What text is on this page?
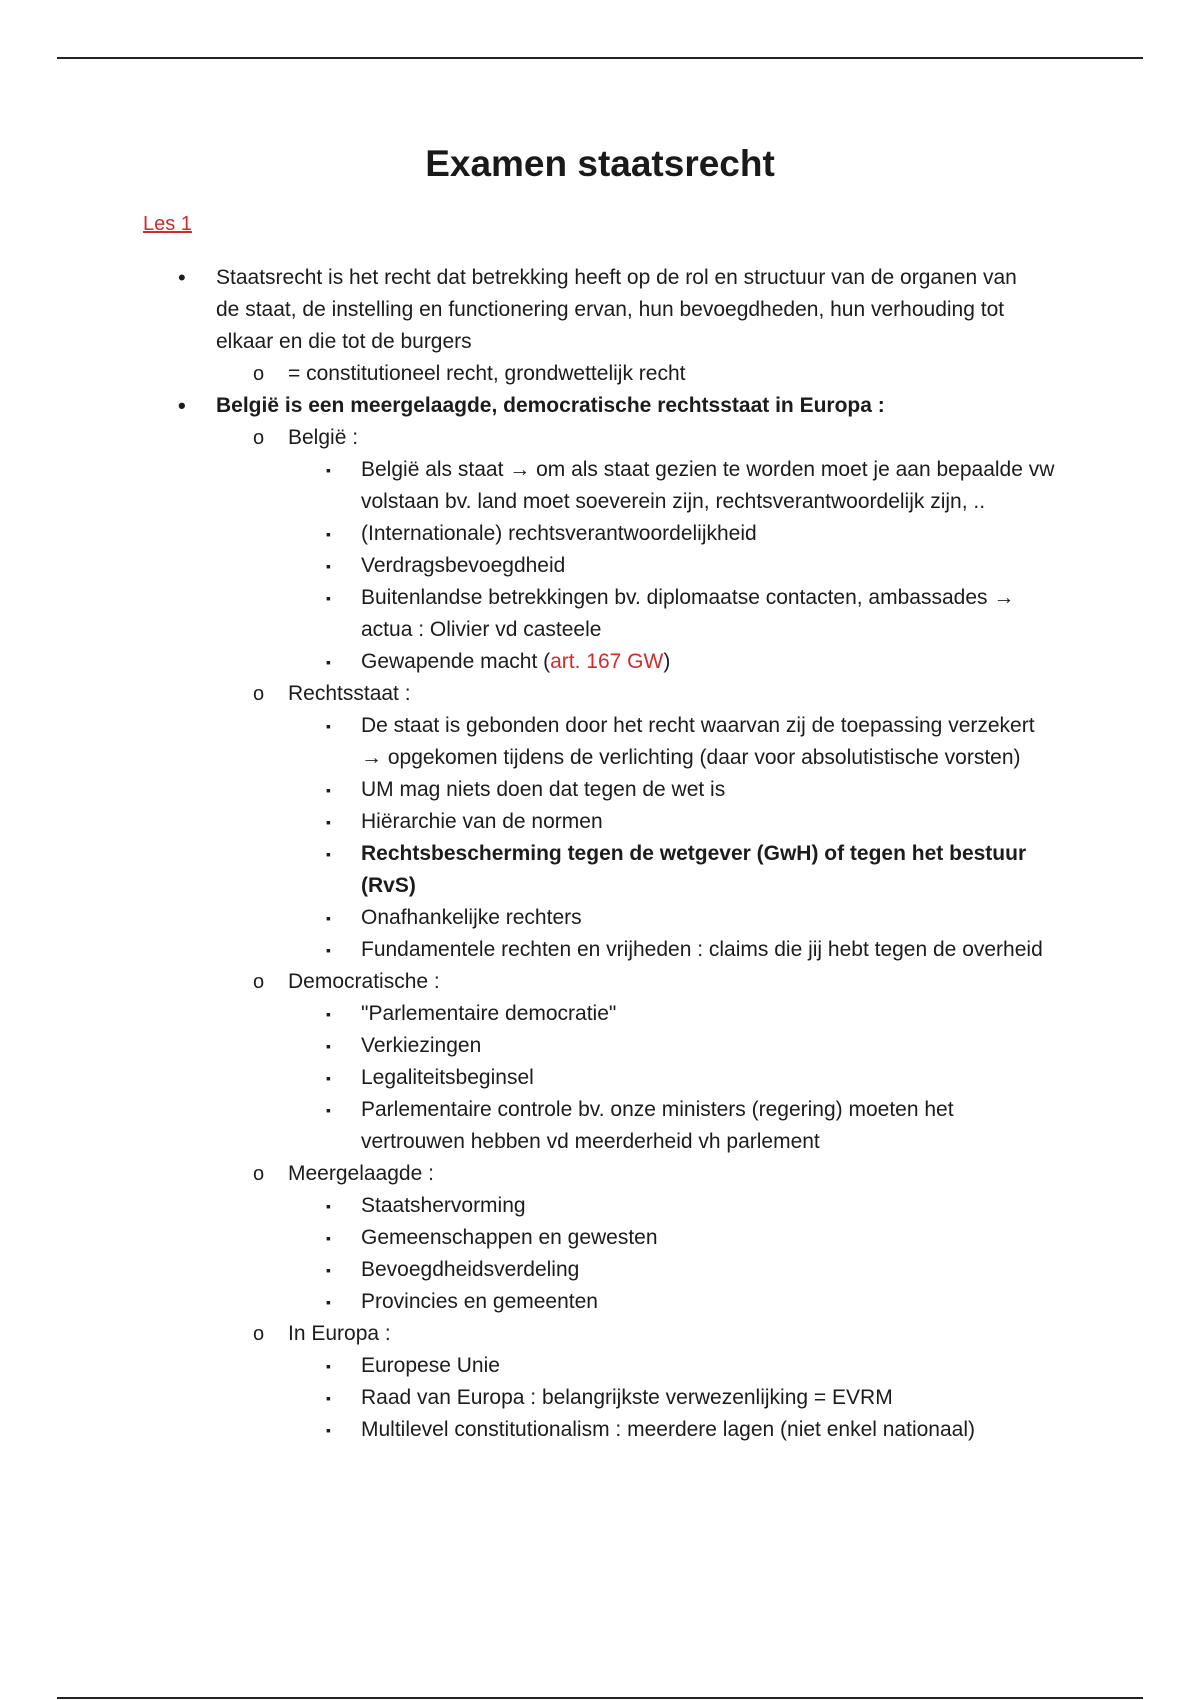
Examen staatsrecht
Les 1
• Staatsrecht is het recht dat betrekking heeft op de rol en structuur van de organen van de staat, de instelling en functionering ervan, hun bevoegdheden, hun verhouding tot elkaar en die tot de burgers
o = constitutioneel recht, grondwettelijk recht
• België is een meergelaagde, democratische rechtsstaat in Europa :
o België :
▪ België als staat → om als staat gezien te worden moet je aan bepaalde vw volstaan bv. land moet soeverein zijn, rechtsverantwoordelijk zijn, ..
▪ (Internationale) rechtsverantwoordelijkheid
▪ Verdragsbevoegdheid
▪ Buitenlandse betrekkingen bv. diplomaatse contacten, ambassades → actua : Olivier vd casteele
▪ Gewapende macht (art. 167 GW)
o Rechtsstaat :
▪ De staat is gebonden door het recht waarvan zij de toepassing verzekert → opgekomen tijdens de verlichting (daar voor absolutistische vorsten)
▪ UM mag niets doen dat tegen de wet is
▪ Hiërarchie van de normen
▪ Rechtsbescherming tegen de wetgever (GwH) of tegen het bestuur (RvS)
▪ Onafhankelijke rechters
▪ Fundamentele rechten en vrijheden : claims die jij hebt tegen de overheid
o Democratische :
▪ "Parlementaire democratie"
▪ Verkiezingen
▪ Legaliteitsbeginsel
▪ Parlementaire controle bv. onze ministers (regering) moeten het vertrouwen hebben vd meerderheid vh parlement
o Meergelaagde :
▪ Staatshervorming
▪ Gemeenschappen en gewesten
▪ Bevoegdheidsverdeling
▪ Provincies en gemeenten
o In Europa :
▪ Europese Unie
▪ Raad van Europa : belangrijkste verwezenlijking = EVRM
▪ Multilevel constitutionalism : meerdere lagen (niet enkel nationaal)
